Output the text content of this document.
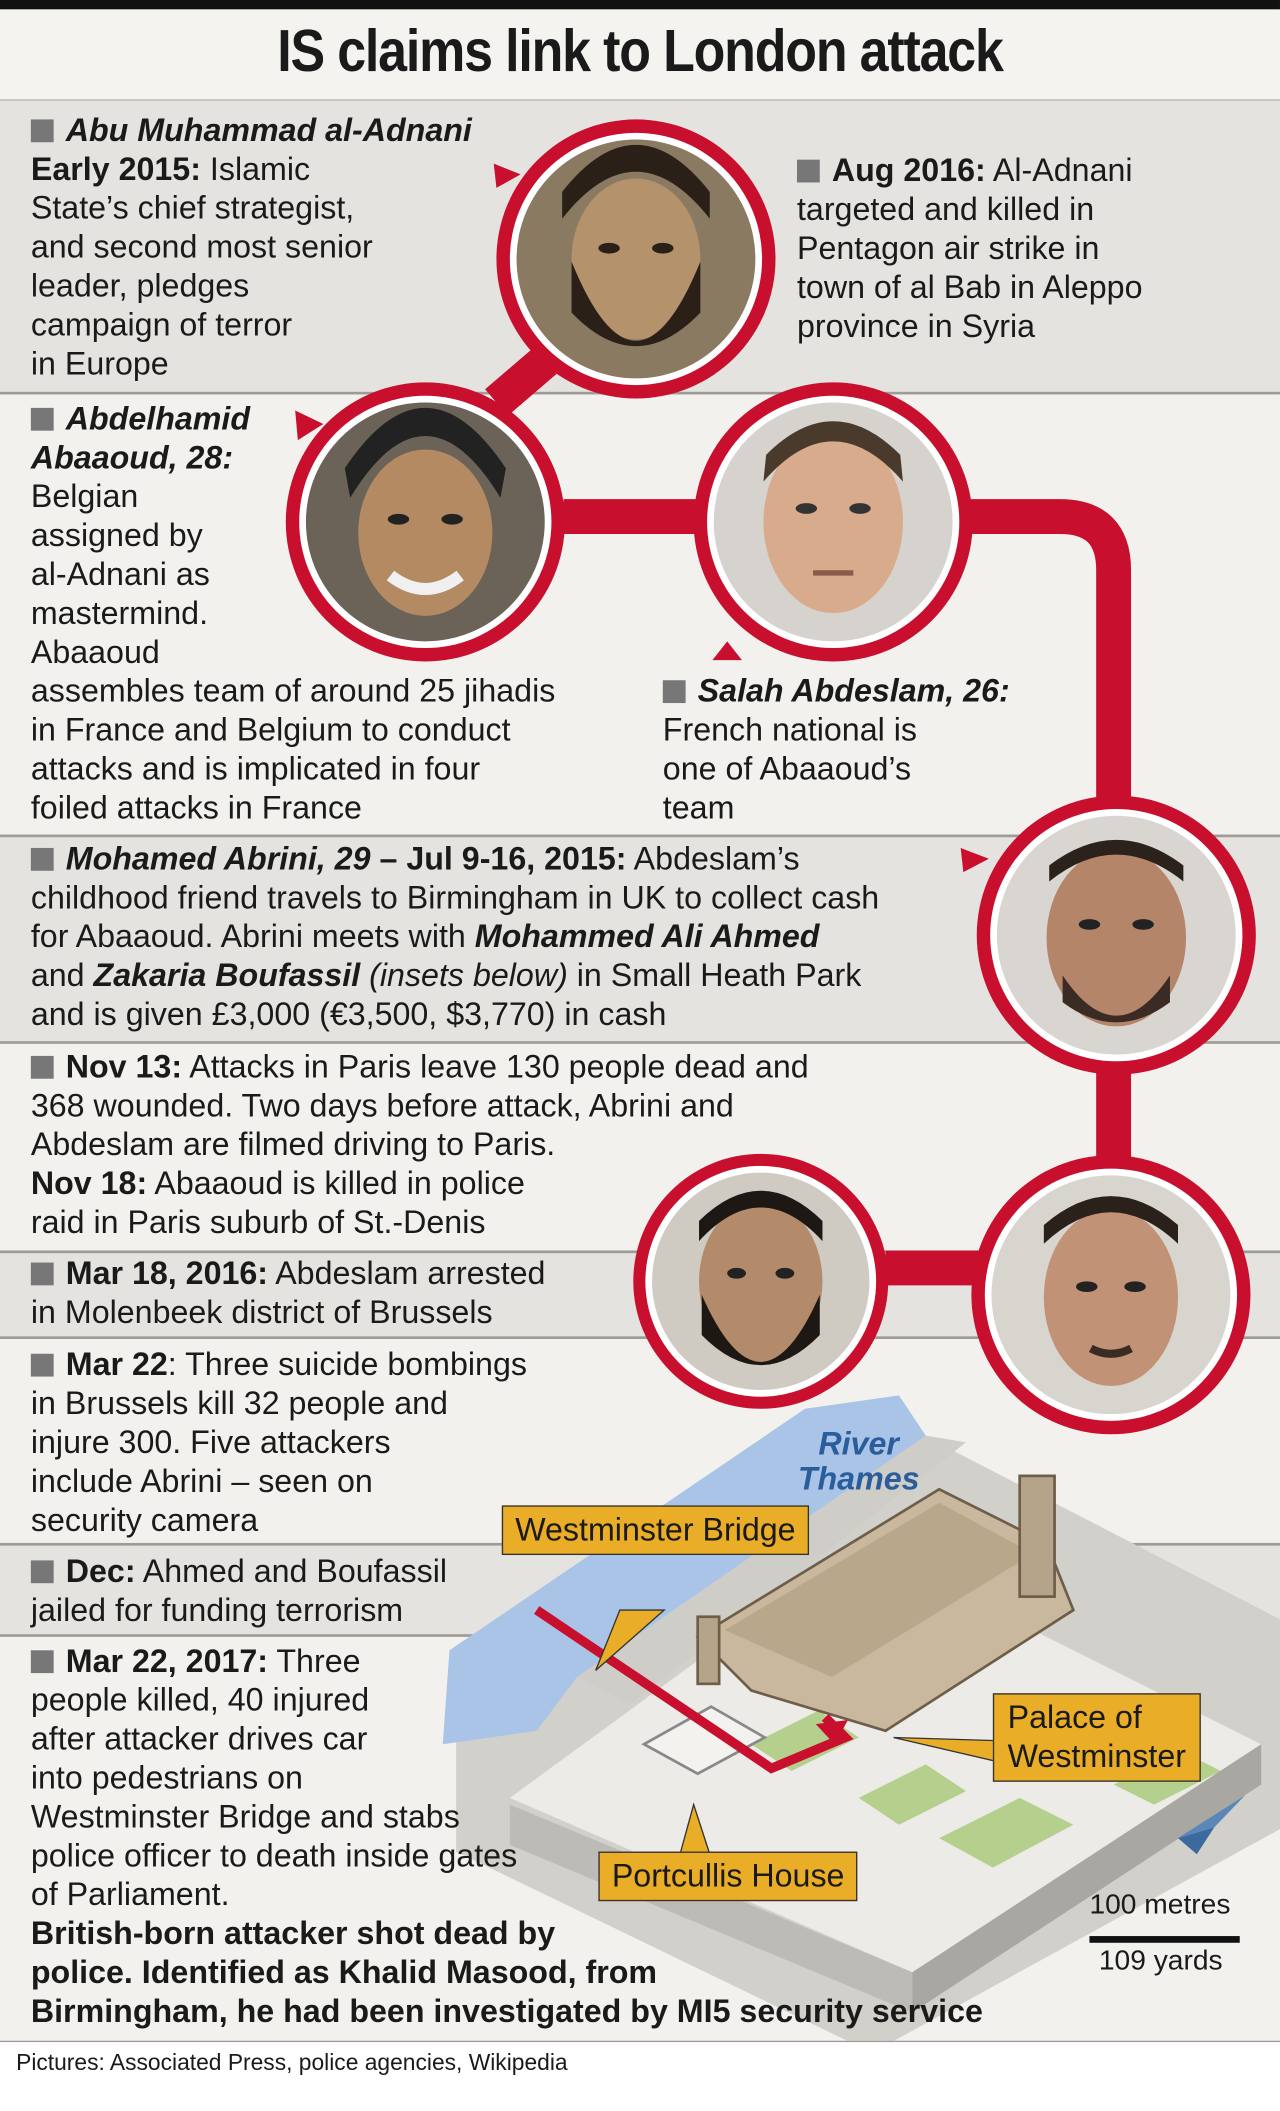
IS claims link to London attack

Abu Muhammad al-Adnani

Early 2015: Islamic

State’s chief strategist,

and second most senior

leader, pledges

campaign of terror

in Europe

Aug 2016: Al-Adnani

targeted and killed in

Pentagon air strike in

town of al Bab in Aleppo

province in Syria

Abdelhamid

Abaaoud, 28:

Belgian

assigned by

al-Adnani as

mastermind.

Abaaoud

assembles team of around 25 jihadis

in France and Belgium to conduct

attacks and is implicated in four

foiled attacks in France

Salah Abdeslam, 26:

French national is

one of Abaaoud’s

team

Mohamed Abrini, 29 – Jul 9-16, 2015: Abdeslam’s

childhood friend travels to Birmingham in UK to collect cash

for Abaaoud. Abrini meets with Mohammed Ali Ahmed

and Zakaria Boufassil (insets below) in Small Heath Park

and is given £3,000 (€3,500, $3,770) in cash

Nov 13: Attacks in Paris leave 130 people dead and

368 wounded. Two days before attack, Abrini and

Abdeslam are filmed driving to Paris.

Nov 18: Abaaoud is killed in police

raid in Paris suburb of St.-Denis

Mar 18, 2016: Abdeslam arrested

in Molenbeek district of Brussels

Mar 22: Three suicide bombings

in Brussels kill 32 people and

injure 300. Five attackers

include Abrini – seen on

security camera

Dec: Ahmed and Boufassil

jailed for funding terrorism

Mar 22, 2017: Three

people killed, 40 injured

after attacker drives car

into pedestrians on

Westminster Bridge and stabs

police officer to death inside gates

of Parliament.

British-born attacker shot dead by

police. Identified as Khalid Masood, from

Birmingham, he had been investigated by MI5 security service

River
Thames
Westminster Bridge
Palace of
Westminster
Portcullis House
100 metres
109 yards
Pictures: Associated Press, police agencies, Wikipedia
